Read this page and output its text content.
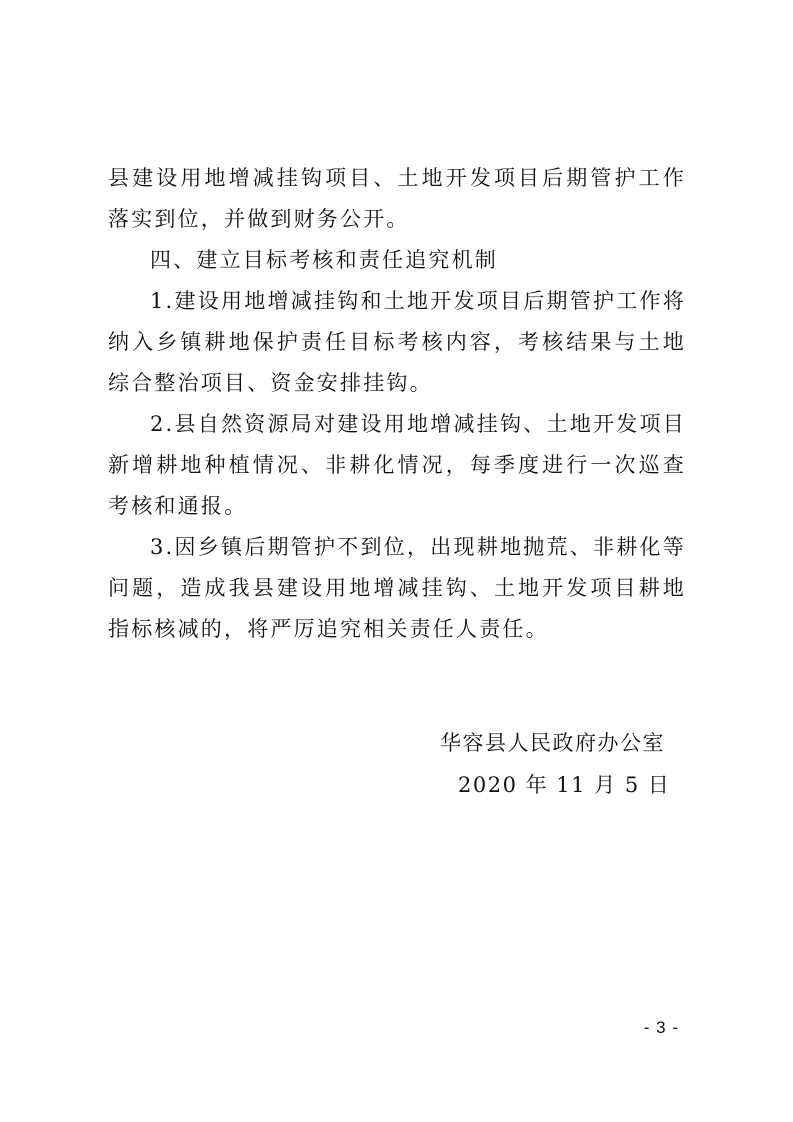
县建设用地增减挂钩项目、土地开发项目后期管护工作落实到位，并做到财务公开。

四、建立目标考核和责任追究机制

1.建设用地增减挂钩和土地开发项目后期管护工作将纳入乡镇耕地保护责任目标考核内容，考核结果与土地综合整治项目、资金安排挂钩。

2.县自然资源局对建设用地增减挂钩、土地开发项目新增耕地种植情况、非耕化情况，每季度进行一次巡查考核和通报。

3.因乡镇后期管护不到位，出现耕地抛荒、非耕化等问题，造成我县建设用地增减挂钩、土地开发项目耕地指标核减的，将严厉追究相关责任人责任。

华容县人民政府办公室
2020 年 11 月 5 日
- 3 -
